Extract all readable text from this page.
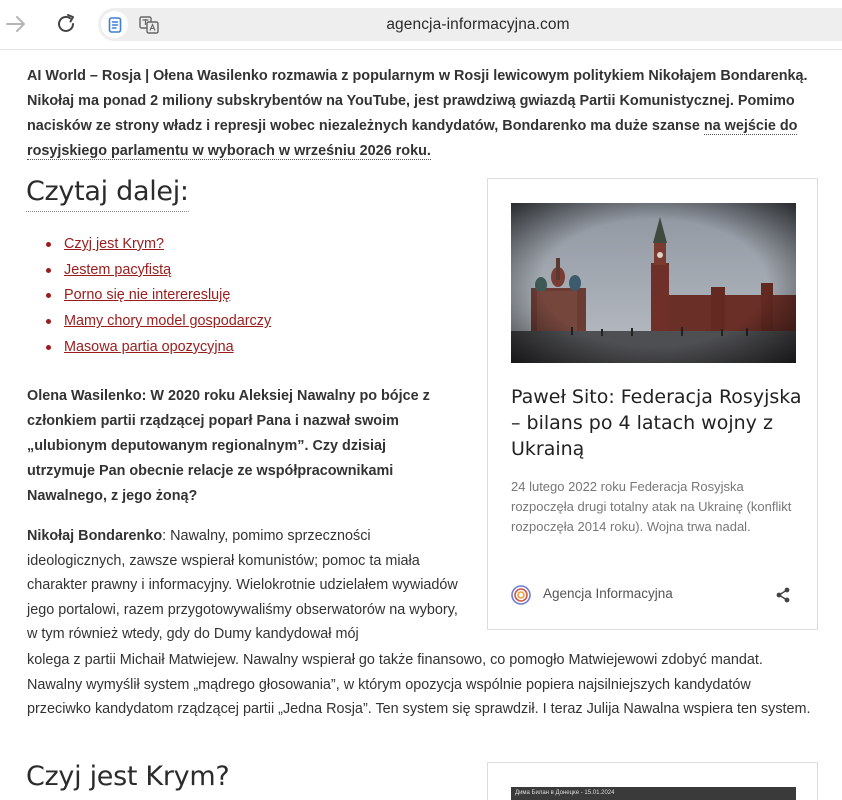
agencja-informacyjna.com

AI World – Rosja | Ołena Wasilenko rozmawia z popularnym w Rosji lewicowym politykiem Nikołajem Bondarenką. Nikołaj ma ponad 2 miliony subskrybentów na YouTube, jest prawdziwą gwiazdą Partii Komunistycznej. Pomimo nacisków ze strony władz i represji wobec niezależnych kandydatów, Bondarenko ma duże szanse na wejście do rosyjskiego parlamentu w wyborach w wrześniu 2026 roku.

Czytaj dalej:
Czyj jest Krym?
Jestem pacyfistą
Porno się nie intereresluję
Mamy chory model gospodarczy
Masowa partia opozycyjna

Olena Wasilenko: W 2020 roku Aleksiej Nawalny po bójce z członkiem partii rządzącej poparł Pana i nazwał swoim „ulubionym deputowanym regionalnym”. Czy dzisiaj utrzymuje Pan obecnie relacje ze współpracownikami Nawalnego, z jego żoną?

Nikołaj Bondarenko: Nawalny, pomimo sprzeczności ideologicznych, zawsze wspierał komunistów; pomoc ta miała charakter prawny i informacyjny. Wielokrotnie udzielałem wywiadów jego portalowi, razem przygotowywaliśmy obserwatorów na wybory, w tym również wtedy, gdy do Dumy kandydował mój

kolega z partii Michaił Matwiejew. Nawalny wspierał go także finansowo, co pomogło Matwiejewowi zdobyć mandat. Nawalny wymyślił system „mądrego głosowania”, w którym opozycja wspólnie popiera najsilniejszych kandydatów przeciwko kandydatom rządzącej partii „Jedna Rosja”. Ten system się sprawdził. I teraz Julija Nawalna wspiera ten system.

Czyj jest Krym?
Paweł Sito: Federacja Rosyjska – bilans po 4 latach wojny z Ukrainą
24 lutego 2022 roku Federacja Rosyjska rozpoczęła drugi totalny atak na Ukrainę (konflikt rozpoczęła 2014 roku). Wojna trwa nadal.
Agencja Informacyjna
Дима Билан в Донецке - 15.01.2024
